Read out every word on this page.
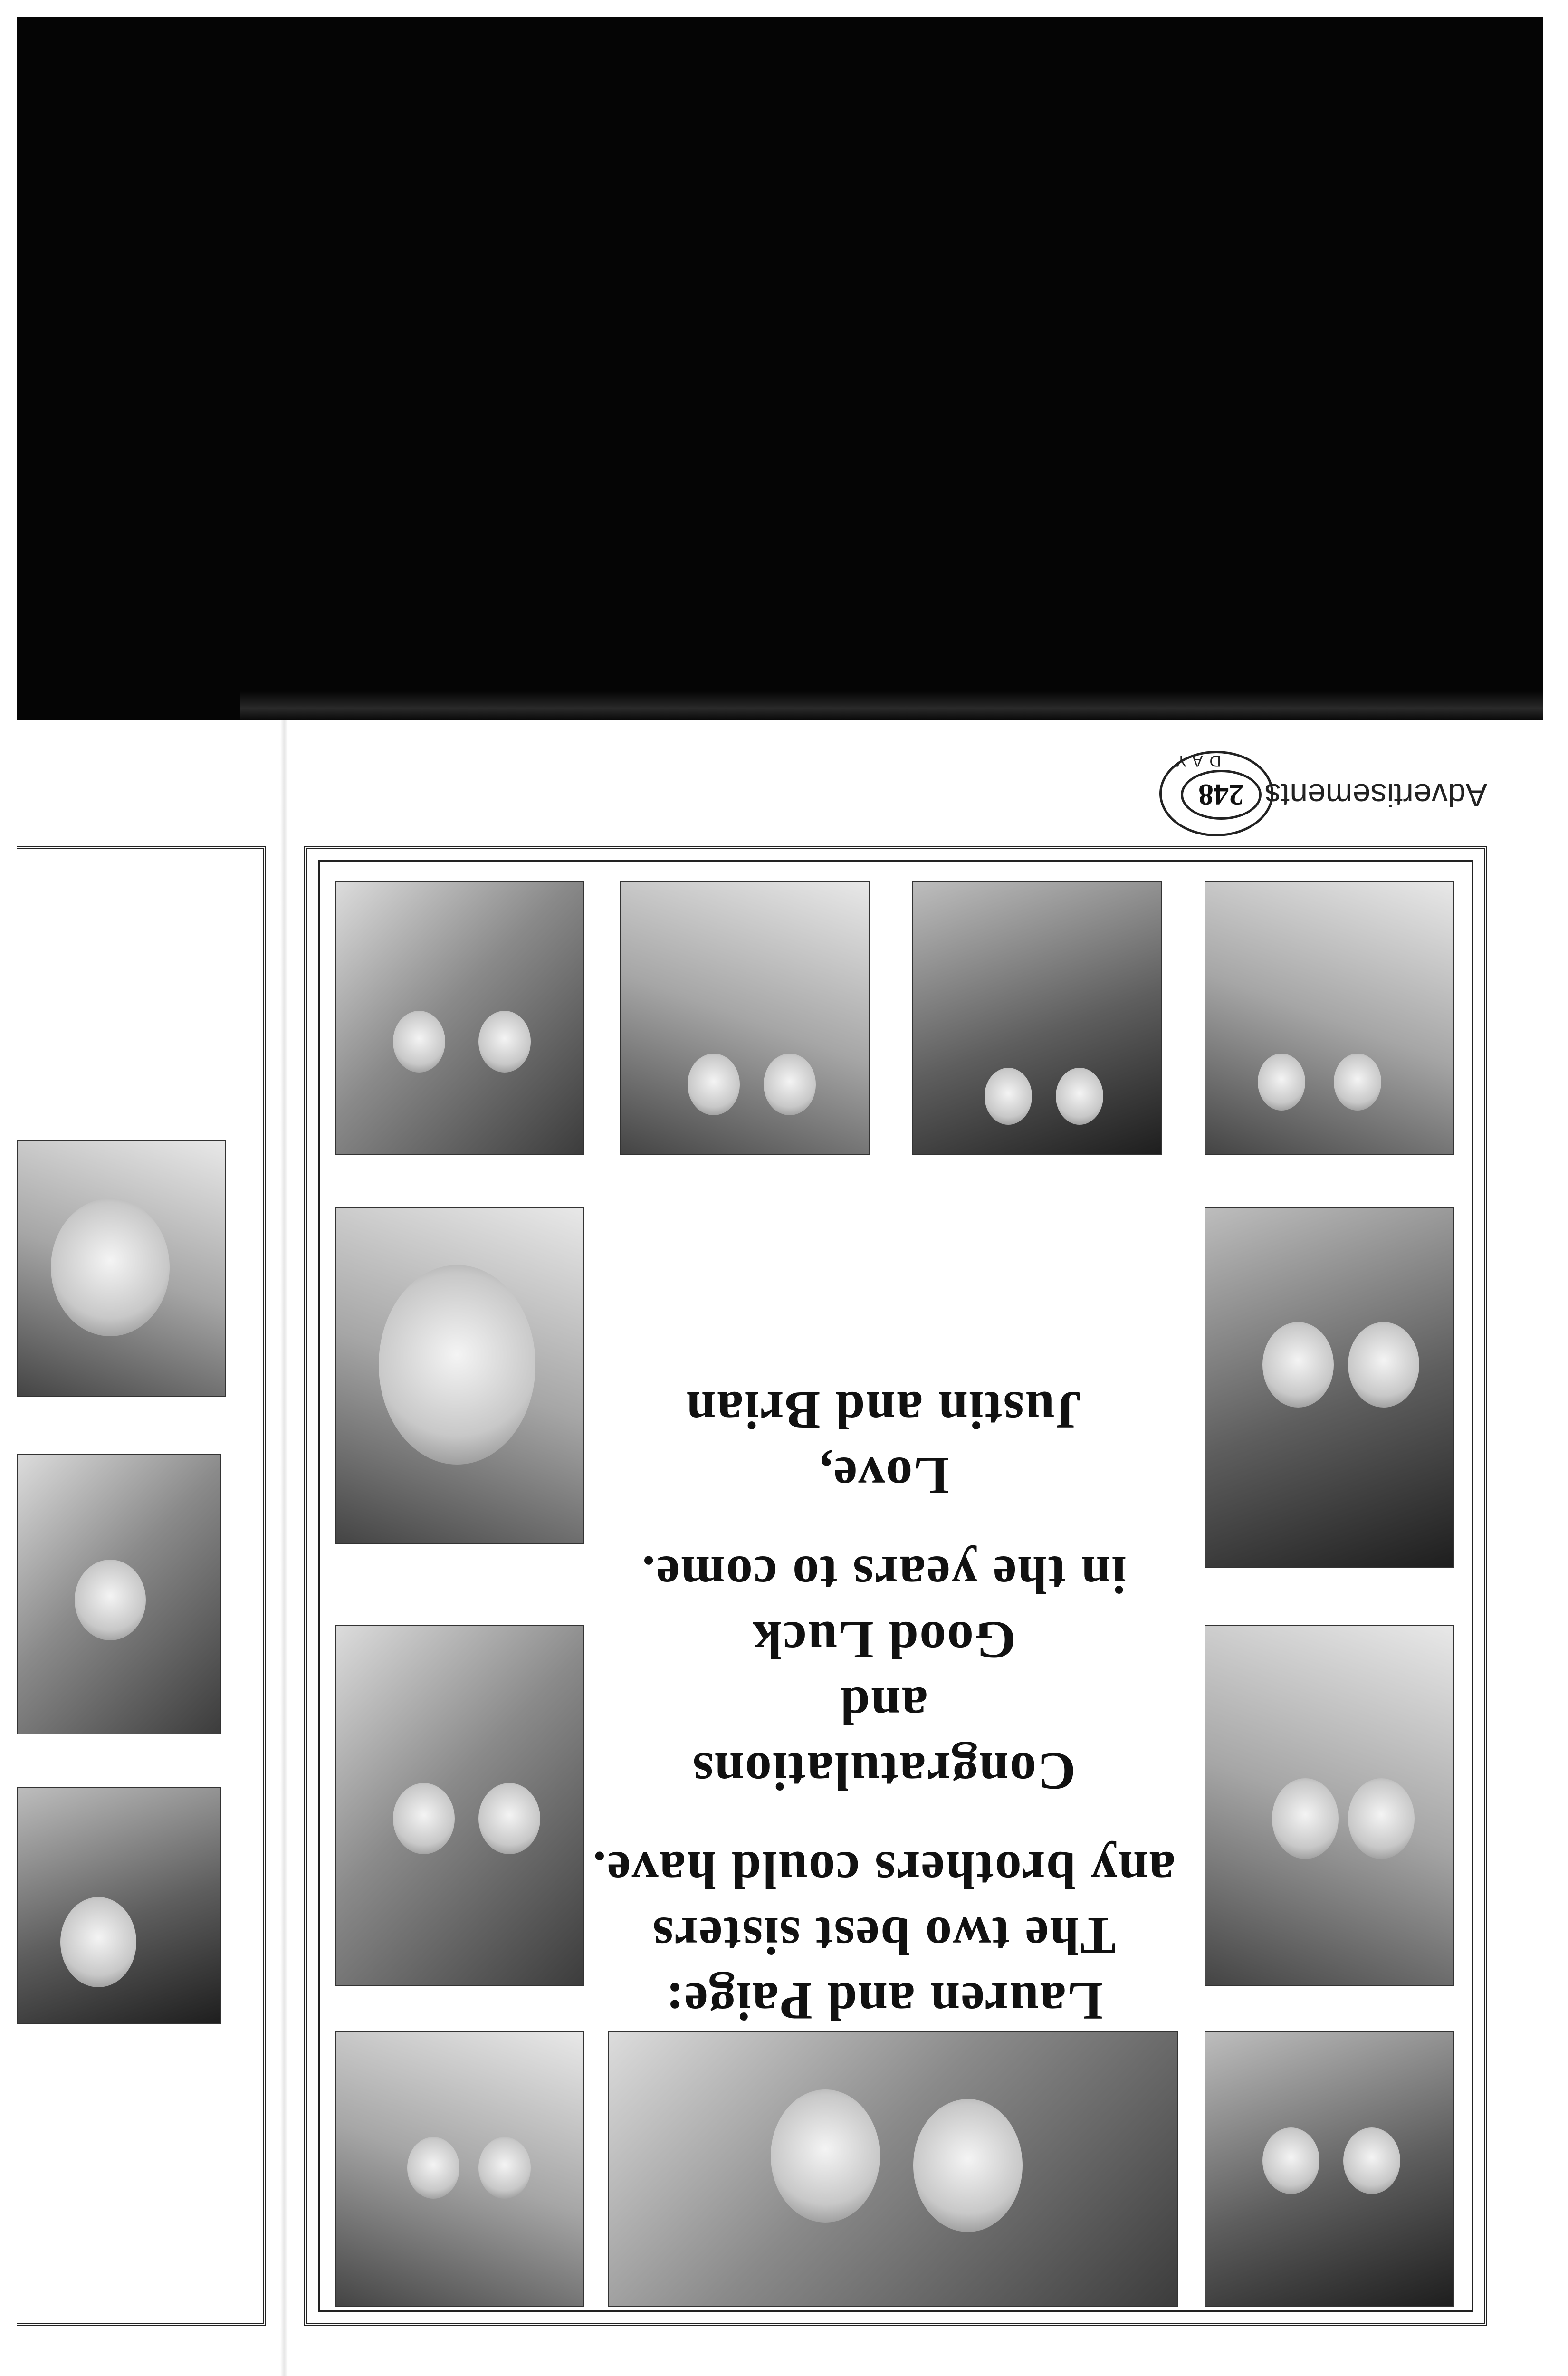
Advertisements
248
DAY
Lauren and Paige:
The two best sisters
any brothers could have.
Congratulations
and
Good Luck
in the years to come.
Love,
Justin and Brian
